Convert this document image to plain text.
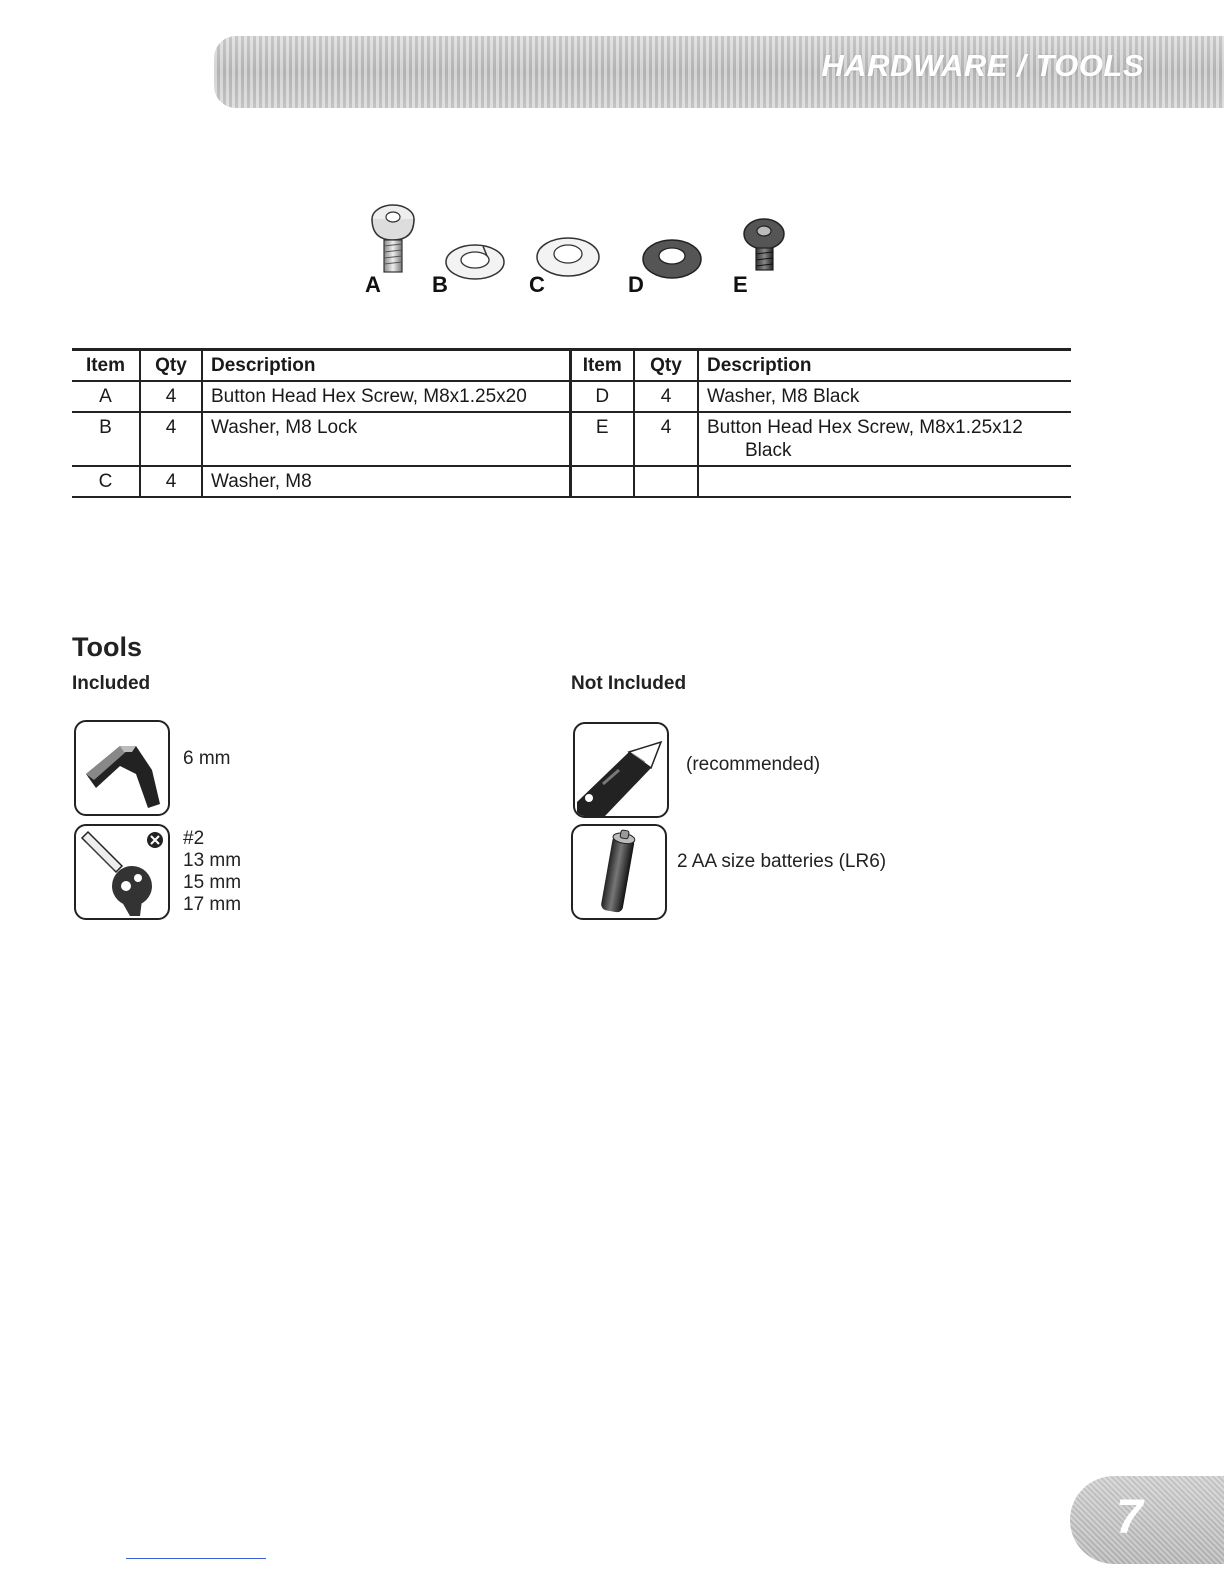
HARDWARE / TOOLS
A B	C	D	E
Item	Qty	Description	Item	Qty	Description
A	4	Button Head Hex Screw, M8x1.25x20	D	4	Washer, M8 Black
B	4	Washer, M8 Lock	E	4	Button Head Hex Screw, M8x1.25x12
Black

C	4	Washer, M8			
Tools
Included	Not Included
6 mm
#2
13 mm
15 mm
17 mm
(recommended)
2 AA size batteries (LR6)
7
